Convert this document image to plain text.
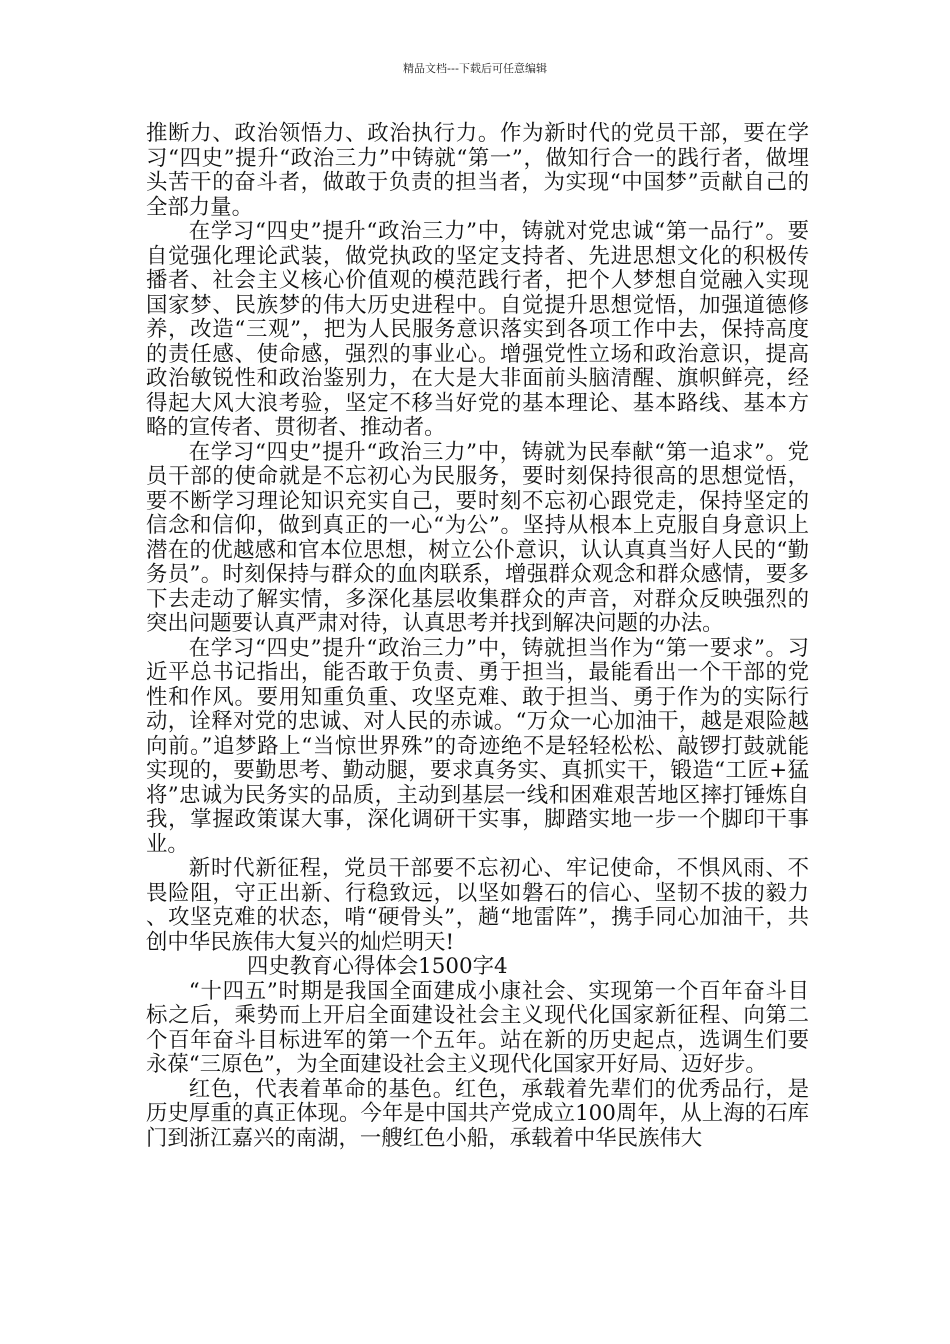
精品文档---下载后可任意编辑

推断力、政治领悟力、政治执行力。作为新时代的党员干部，要在学习“四史”提升“政治三力”中铸就“第一”，做知行合一的践行者，做埋头苦干的奋斗者，做敢于负责的担当者，为实现“中国梦”贡献自己的全部力量。

在学习“四史”提升“政治三力”中，铸就对党忠诚“第一品行”。要自觉强化理论武装，做党执政的坚定支持者、先进思想文化的积极传播者、社会主义核心价值观的模范践行者，把个人梦想自觉融入实现国家梦、民族梦的伟大历史进程中。自觉提升思想觉悟，加强道德修养，改造“三观”，把为人民服务意识落实到各项工作中去，保持高度的责任感、使命感，强烈的事业心。增强党性立场和政治意识，提高政治敏锐性和政治鉴别力，在大是大非面前头脑清醒、旗帜鲜亮，经得起大风大浪考验，坚定不移当好党的基本理论、基本路线、基本方略的宣传者、贯彻者、推动者。

在学习“四史”提升“政治三力”中，铸就为民奉献“第一追求”。党员干部的使命就是不忘初心为民服务，要时刻保持很高的思想觉悟，要不断学习理论知识充实自己，要时刻不忘初心跟党走，保持坚定的信念和信仰，做到真正的一心“为公”。坚持从根本上克服自身意识上潜在的优越感和官本位思想，树立公仆意识，认认真真当好人民的“勤务员”。时刻保持与群众的血肉联系，增强群众观念和群众感情，要多下去走动了解实情，多深化基层收集群众的声音，对群众反映强烈的突出问题要认真严肃对待，认真思考并找到解决问题的办法。

在学习“四史”提升“政治三力”中，铸就担当作为“第一要求”。习近平总书记指出，能否敢于负责、勇于担当，最能看出一个干部的党性和作风。要用知重负重、攻坚克难、敢于担当、勇于作为的实际行动，诠释对党的忠诚、对人民的赤诚。“万众一心加油干，越是艰险越向前。”追梦路上“当惊世界殊”的奇迹绝不是轻轻松松、敲锣打鼓就能实现的，要勤思考、勤动腿，要求真务实、真抓实干，锻造“工匠+猛将”忠诚为民务实的品质，主动到基层一线和困难艰苦地区摔打锤炼自我，掌握政策谋大事，深化调研干实事，脚踏实地一步一个脚印干事业。

新时代新征程，党员干部要不忘初心、牢记使命，不惧风雨、不畏险阻，守正出新、行稳致远，以坚如磐石的信心、坚韧不拔的毅力、攻坚克难的状态，啃“硬骨头”，趟“地雷阵”，携手同心加油干，共创中华民族伟大复兴的灿烂明天!

四史教育心得体会1500字4

“十四五”时期是我国全面建成小康社会、实现第一个百年奋斗目标之后，乘势而上开启全面建设社会主义现代化国家新征程、向第二个百年奋斗目标进军的第一个五年。站在新的历史起点，选调生们要永葆“三原色”，为全面建设社会主义现代化国家开好局、迈好步。

红色，代表着革命的基色。红色，承载着先辈们的优秀品行，是历史厚重的真正体现。今年是中国共产党成立100周年，从上海的石库门到浙江嘉兴的南湖，一艘红色小船，承载着中华民族伟大
